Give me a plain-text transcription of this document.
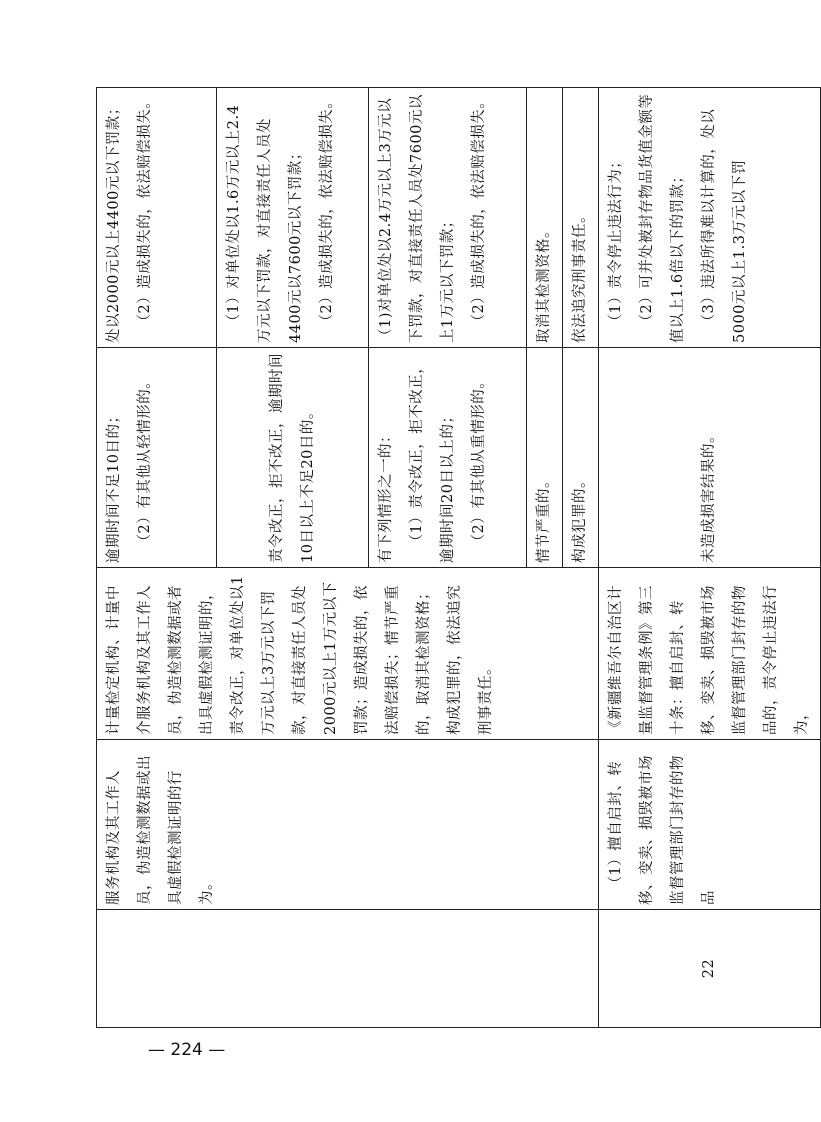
	服务机构及其工作人员，伪造检测数据或出具虚假检测证明的行为。	计量检定机构、计量中介服务机构及其工作人员，伪造检测数据或者出具虚假检测证明的，责令改正，对单位处以1万元以上3万元以下罚款，对直接责任人员处2000元以上1万元以下罚款；造成损失的，依法赔偿损失；情节严重的，取消其检测资格；构成犯罪的，依法追究刑事责任。	逾期时间不足10日的； （2）有其他从轻情形的。	处以2000元以上4400元以下罚款； （2）造成损失的，依法赔偿损失。

			责令改正，拒不改正，逾期时间10日以上不足20日的。	（1）对单位处以1.6万元以上2.4万元以下罚款，对直接责任人员处4400元以7600元以下罚款； （2）造成损失的，依法赔偿损失。

			有下列情形之一的： （1）责令改正，拒不改正，逾期时间20日以上的； （2）有其他从重情形的。	（1)对单位处以2.4万元以上3万元以下罚款，对直接责任人员处7600元以上1万元以下罚款； （2）造成损失的，依法赔偿损失。

			情节严重的。	取消其检测资格。

			构成犯罪的。	依法追究刑事责任。

22	（1）擅自启封、转移、变卖、损毁被市场监督管理部门封存的物品	《新疆维吾尔自治区计量监督管理条例》第三十条：擅自启封、转移、变卖、损毁被市场监督管理部门封存的物品的，责令停止违法行为，	未造成损害结果的。	（1）责令停止违法行为； （2）可并处被封存物品货值金额等值以上1.6倍以下的罚款； （3）违法所得难以计算的，处以5000元以上1.3万元以下罚
— 224 —
